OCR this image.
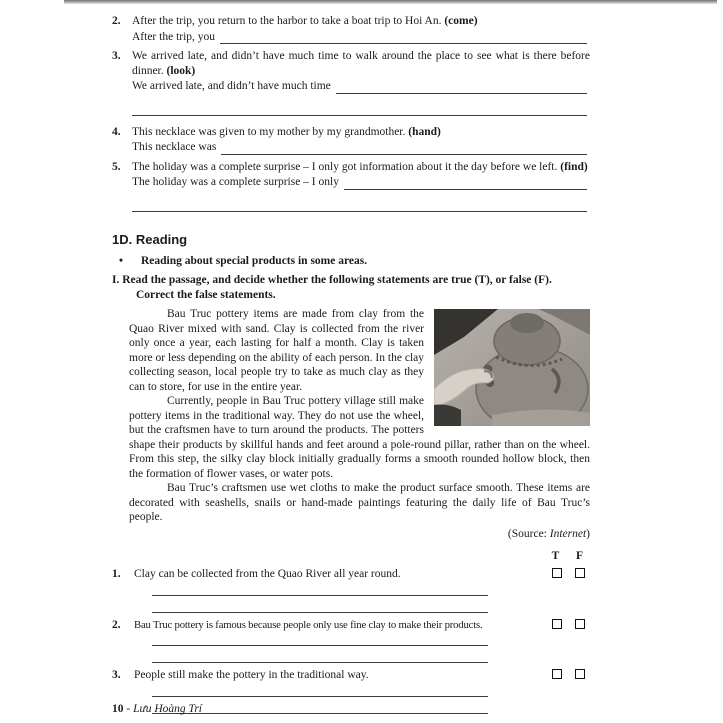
2. After the trip, you return to the harbor to take a boat trip to Hoi An. (come)

After the trip, you
3. We arrived late, and didn’t have much time to walk around the place to see what is there before dinner. (look)

We arrived late, and didn’t have much time
4. This necklace was given to my mother by my grandmother. (hand)

This necklace was
5. The holiday was a complete surprise – I only got information about it the day before we left. (find)

The holiday was a complete surprise – I only
1D. Reading
•	Reading about special products in some areas.

I. Read the passage, and decide whether the following statements are true (T), or false (F).
Correct the false statements.

Bau Truc pottery items are made from clay from the Quao River mixed with sand. Clay is collected from the river only once a year, each lasting for half a month. Clay is taken more or less depending on the ability of each person. In the clay collecting season, local people try to take as much clay as they can to store, for use in the entire year.

Currently, people in Bau Truc pottery village still make pottery items in the traditional way. They do not use the wheel, but the craftsmen have to turn around the products. The potters shape their products by skillful hands and feet around a pole-round pillar, rather than on the wheel. From this step, the silky clay block initially gradually forms a smooth rounded hollow block, then the formation of flower vases, or water pots.

Bau Truc’s craftsmen use wet cloths to make the product surface smooth. These items are decorated with seashells, snails or hand-made paintings featuring the daily life of Bau Truc’s people.

(Source: Internet)

T F
1.	Clay can be collected from the Quao River all year round.
2.	Bau Truc pottery is famous because people only use fine clay to make their products.
3.	People still make the pottery in the traditional way.
10 - Lưu Hoàng Trí
